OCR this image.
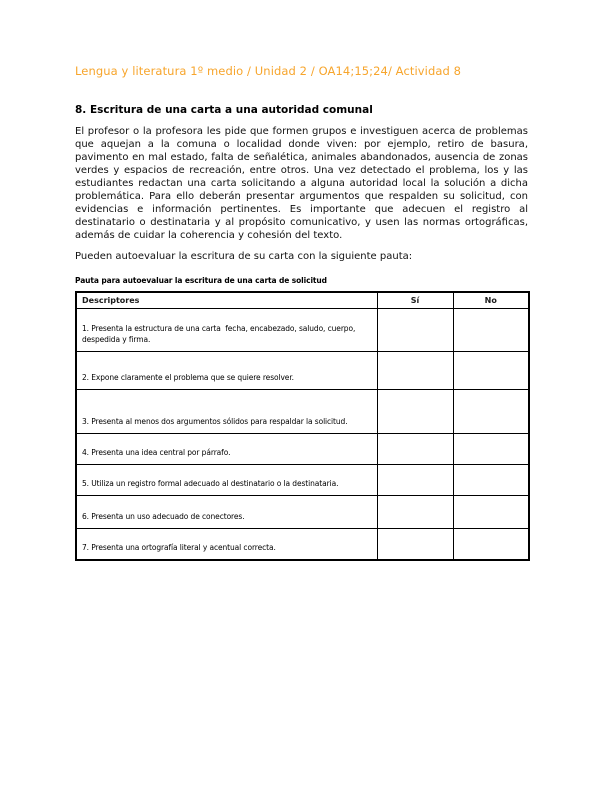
Lengua y literatura 1º medio / Unidad 2 / OA14;15;24/ Actividad 8
8. Escritura de una carta a una autoridad comunal

El profesor o la profesora les pide que formen grupos e investiguen acerca de problemas que aquejan a la comuna o localidad donde viven: por ejemplo, retiro de basura, pavimento en mal estado, falta de señalética, animales abandonados, ausencia de zonas verdes y espacios de recreación, entre otros. Una vez detectado el problema, los y las estudiantes redactan una carta solicitando a alguna autoridad local la solución a dicha problemática. Para ello deberán presentar argumentos que respalden su solicitud, con evidencias e información pertinentes. Es importante que adecuen el registro al destinatario o destinataria y al propósito comunicativo, y usen las normas ortográficas, además de cuidar la coherencia y cohesión del texto.

Pueden autoevaluar la escritura de su carta con la siguiente pauta:

Pauta para autoevaluar la escritura de una carta de solicitud
Descriptores	Sí	No
1. Presenta la estructura de una carta  fecha, encabezado, saludo, cuerpo, despedida y firma.		
2. Expone claramente el problema que se quiere resolver.		
3. Presenta al menos dos argumentos sólidos para respaldar la solicitud.		
4. Presenta una idea central por párrafo.		
5. Utiliza un registro formal adecuado al destinatario o la destinataria.		
6. Presenta un uso adecuado de conectores.		
7. Presenta una ortografía literal y acentual correcta.		
